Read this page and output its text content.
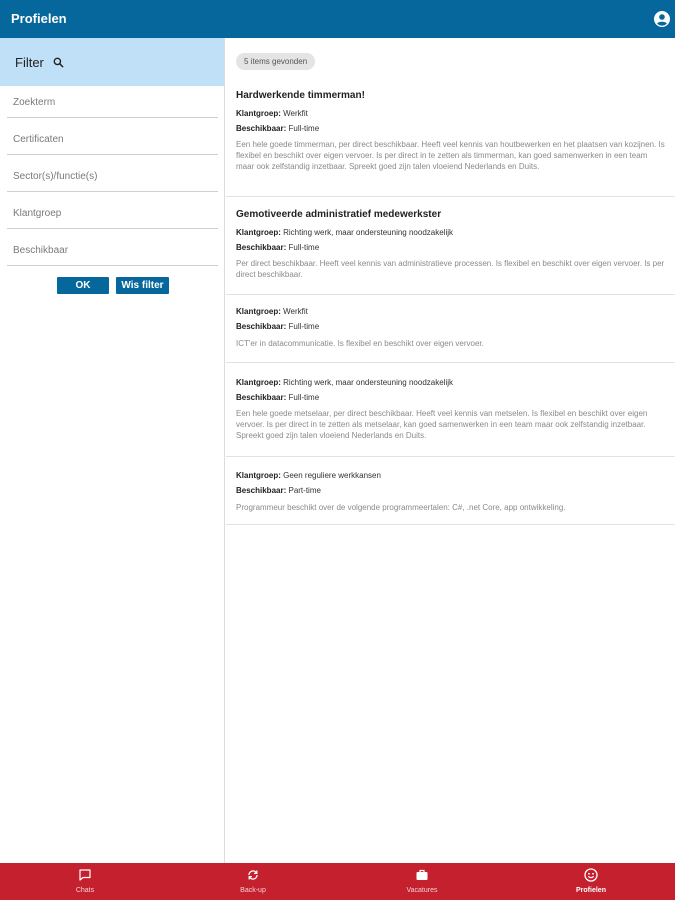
Profielen
Filter
Zoekterm
Certificaten
Sector(s)/functie(s)
Klantgroep
Beschikbaar
OK	Wis filter
5 items gevonden
Hardwerkende timmerman!
Klantgroep: Werkfit
Beschikbaar: Full-time
Een hele goede timmerman, per direct beschikbaar. Heeft veel kennis van houtbewerken en het plaatsen van kozijnen. Is flexibel en beschikt over eigen vervoer. Is per direct in te zetten als timmerman, kan goed samenwerken in een team maar ook zelfstandig inzetbaar. Spreekt goed zijn talen vloeiend Nederlands en Duits.
Gemotiveerde administratief medewerkster
Klantgroep: Richting werk, maar ondersteuning noodzakelijk
Beschikbaar: Full-time
Per direct beschikbaar. Heeft veel kennis van administratieve processen. Is flexibel en beschikt over eigen vervoer. Is per direct beschikbaar.
Klantgroep: Werkfit
Beschikbaar: Full-time
ICT'er in datacommunicatie. Is flexibel en beschikt over eigen vervoer.
Klantgroep: Richting werk, maar ondersteuning noodzakelijk
Beschikbaar: Full-time
Een hele goede metselaar, per direct beschikbaar. Heeft veel kennis van metselen. Is flexibel en beschikt over eigen vervoer. Is per direct in te zetten als metselaar, kan goed samenwerken in een team maar ook zelfstandig inzetbaar. Spreekt goed zijn talen vloeiend Nederlands en Duits.
Klantgroep: Geen reguliere werkkansen
Beschikbaar: Part-time
Programmeur beschikt over de volgende programmeertalen: C#, .net Core, app ontwikkeling.
Chats	Back-up	Vacatures	Profielen
